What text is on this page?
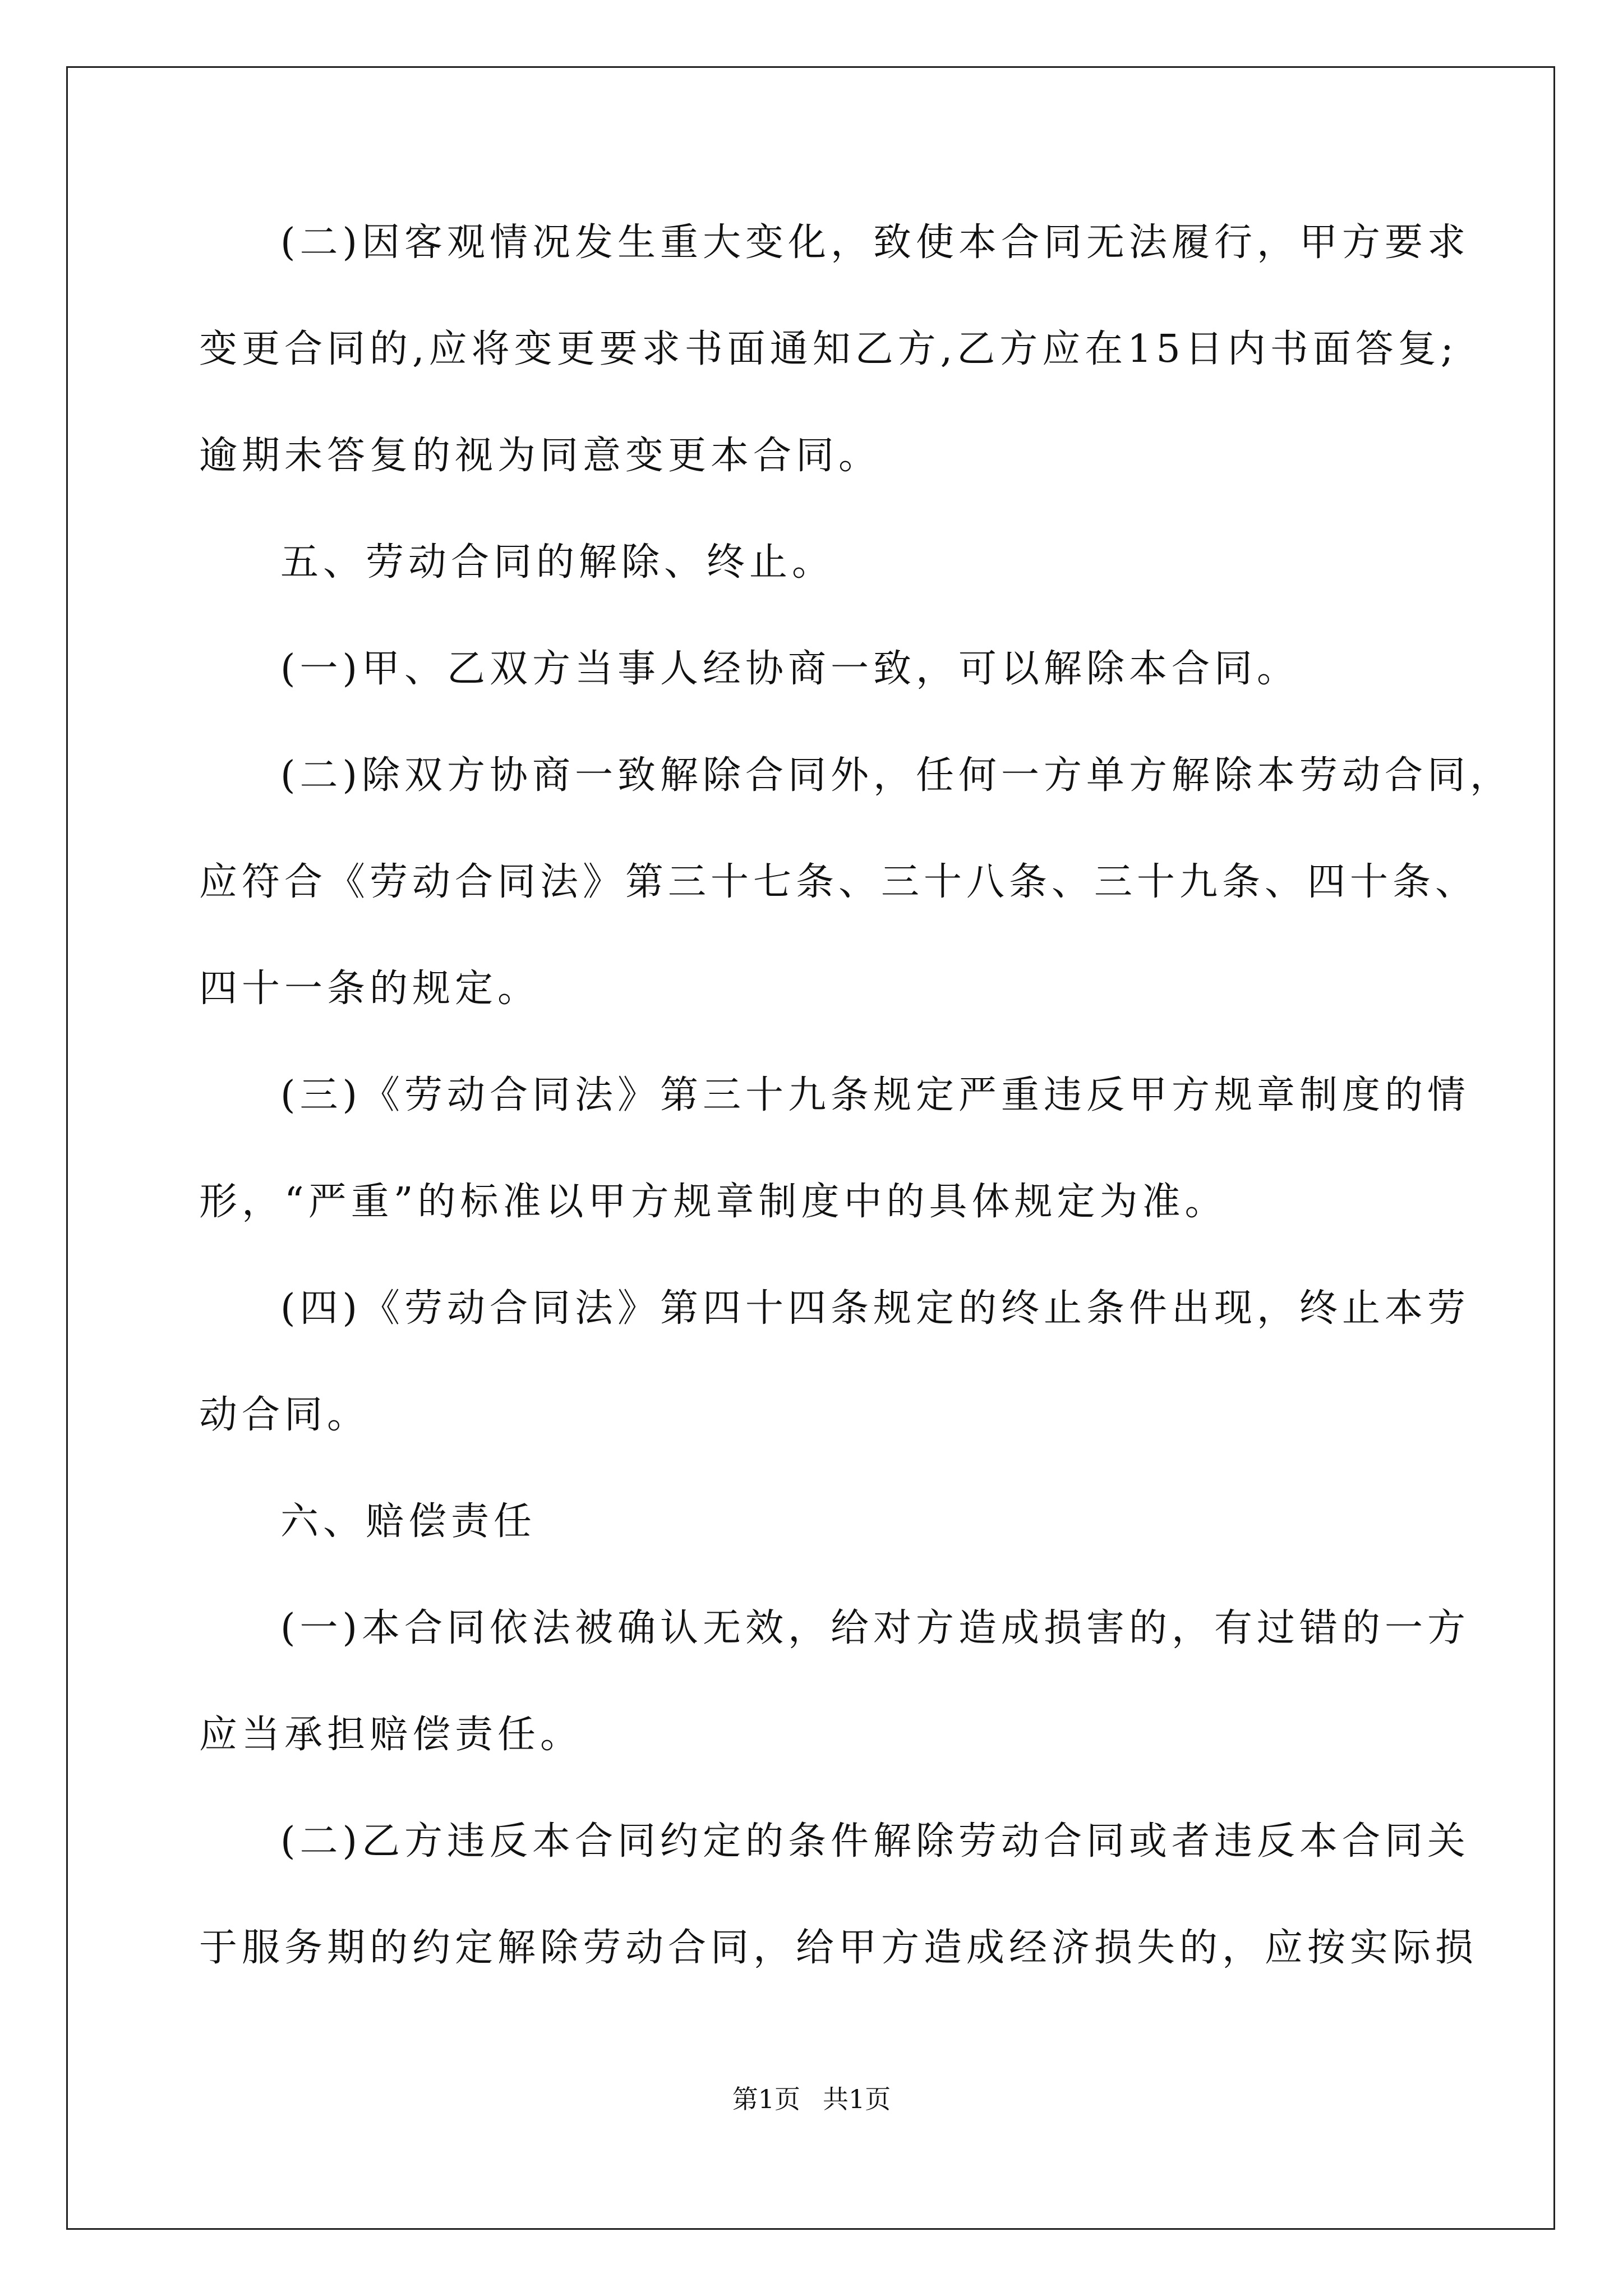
(二)因客观情况发生重大变化，致使本合同无法履行，甲方要求
变更合同的,应将变更要求书面通知乙方,乙方应在15日内书面答复;
逾期未答复的视为同意变更本合同。
五、劳动合同的解除、终止。
(一)甲、乙双方当事人经协商一致，可以解除本合同。
(二)除双方协商一致解除合同外，任何一方单方解除本劳动合同，
应符合《劳动合同法》第三十七条、三十八条、三十九条、四十条、
四十一条的规定。
(三)《劳动合同法》第三十九条规定严重违反甲方规章制度的情
形，“严重”的标准以甲方规章制度中的具体规定为准。
(四)《劳动合同法》第四十四条规定的终止条件出现，终止本劳
动合同。
六、赔偿责任
(一)本合同依法被确认无效，给对方造成损害的，有过错的一方
应当承担赔偿责任。
(二)乙方违反本合同约定的条件解除劳动合同或者违反本合同关
于服务期的约定解除劳动合同，给甲方造成经济损失的，应按实际损
第1页 共1页
